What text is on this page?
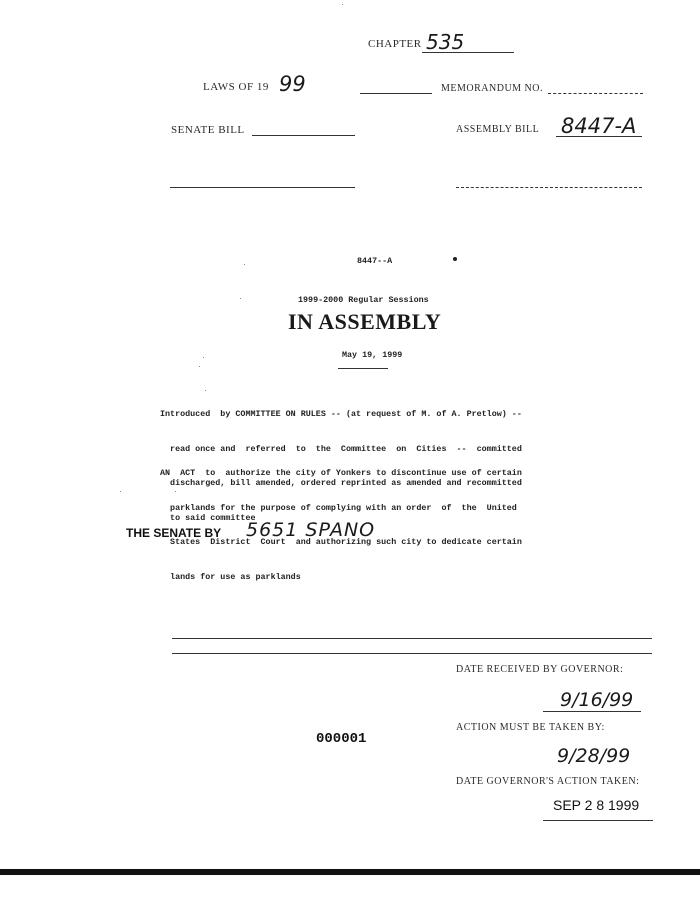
CHAPTER 535
LAWS OF 19 99	MEMORANDUM NO.
SENATE BILL	ASSEMBLY BILL 8447-A
8447--A
1999-2000 Regular Sessions
IN ASSEMBLY
May 19, 1999

Introduced  by COMMITTEE ON RULES -- (at request of M. of A. Pretlow) --

read once and  referred  to  the  Committee  on  Cities  --  committed

discharged, bill amended, ordered reprinted as amended and recommitted

to said committee

AN  ACT  to  authorize the city of Yonkers to discontinue use of certain

parklands for the purpose of complying with an order  of  the  United

States  District  Court  and authorizing such city to dedicate certain

lands for use as parklands

THE SENATE BY 5651 SPANO
DATE RECEIVED BY GOVERNOR:
9/16/99
ACTION MUST BE TAKEN BY:
000001
9/28/99
DATE GOVERNOR'S ACTION TAKEN:
SEP 2 8 1999
